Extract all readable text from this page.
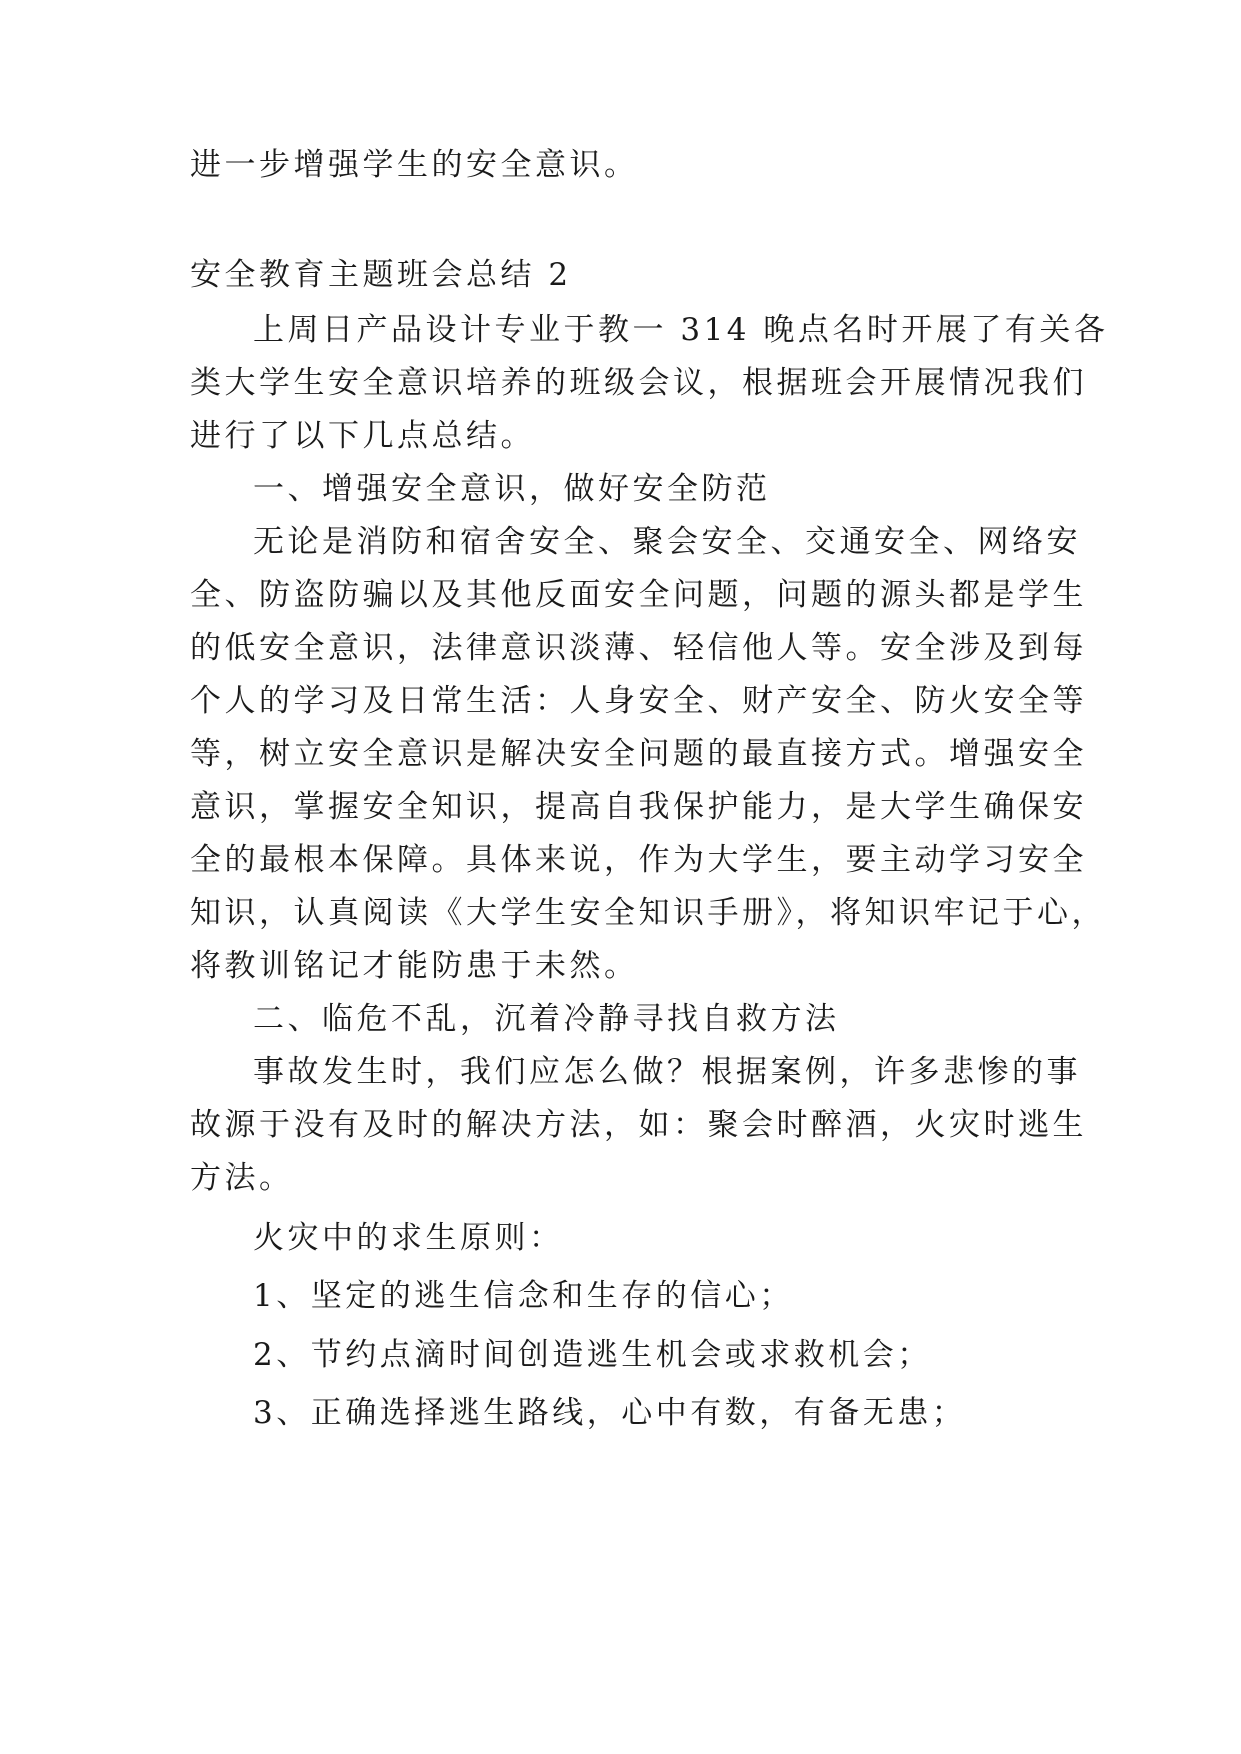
进一步增强学生的安全意识。

安全教育主题班会总结 2

上周日产品设计专业于教一 314 晚点名时开展了有关各

类大学生安全意识培养的班级会议，根据班会开展情况我们

进行了以下几点总结。

一、增强安全意识，做好安全防范

无论是消防和宿舍安全、聚会安全、交通安全、网络安

全、防盗防骗以及其他反面安全问题，问题的源头都是学生

的低安全意识，法律意识淡薄、轻信他人等。安全涉及到每

个人的学习及日常生活：人身安全、财产安全、防火安全等

等，树立安全意识是解决安全问题的最直接方式。增强安全

意识，掌握安全知识，提高自我保护能力，是大学生确保安

全的最根本保障。具体来说，作为大学生，要主动学习安全

知识，认真阅读《大学生安全知识手册》，将知识牢记于心，

将教训铭记才能防患于未然。

二、临危不乱，沉着冷静寻找自救方法

事故发生时，我们应怎么做？根据案例，许多悲惨的事

故源于没有及时的解决方法，如：聚会时醉酒，火灾时逃生

方法。

火灾中的求生原则：

1、坚定的逃生信念和生存的信心；

2、节约点滴时间创造逃生机会或求救机会；

3、正确选择逃生路线，心中有数，有备无患；
